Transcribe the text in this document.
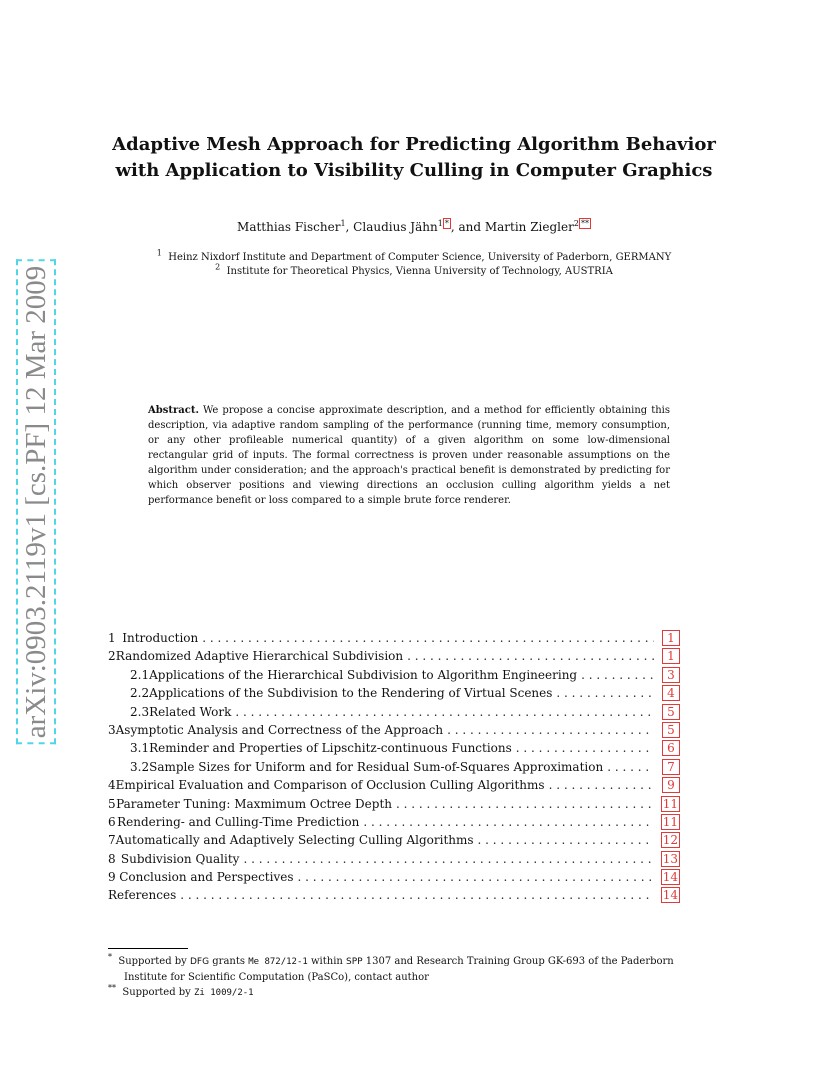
arXiv:0903.2119v1 [cs.PF] 12 Mar 2009
Adaptive Mesh Approach for Predicting Algorithm Behavior
with Application to Visibility Culling in Computer Graphics
Matthias Fischer$^1$, Claudius Jähn$^{1 *}$ , and Martin Ziegler$^{2 **}$
$^1$ Heinz Nixdorf Institute and Department of Computer Science, University of Paderborn, GERMANY
$^2$ Institute for Theoretical Physics, Vienna University of Technology, AUSTRIA
Abstract. We propose a concise approximate description, and a method for efficiently obtaining this description, via adaptive random sampling of the performance (running time, memory consumption, or any other profileable numerical quantity) of a given algorithm on some low-dimensional rectangular grid of inputs. The formal correctness is proven under reasonable assumptions on the algorithm under consideration; and the approach's practical benefit is demonstrated by predicting for which observer positions and viewing directions an occlusion culling algorithm yields a net performance benefit or loss compared to a simple brute force renderer.
1 Introduction . . .	1
2 Randomized Adaptive Hierarchical Subdivision . . .	1
2.1 Applications of the Hierarchical Subdivision to Algorithm Engineering . . .	3
2.2 Applications of the Subdivision to the Rendering of Virtual Scenes . . .	4
2.3 Related Work . . .	5
3 Asymptotic Analysis and Correctness of the Approach . . .	5
3.1 Reminder and Properties of Lipschitz-continuous Functions . . .	6
3.2 Sample Sizes for Uniform and for Residual Sum-of-Squares Approximation . . .	7
4 Empirical Evaluation and Comparison of Occlusion Culling Algorithms . . .	9
5 Parameter Tuning: Maxmimum Octree Depth . . .	11
6 Rendering- and Culling-Time Prediction . . .	11
7 Automatically and Adaptively Selecting Culling Algorithms . . .	12
8 Subdivision Quality . . .	13
9 Conclusion and Perspectives . . .	14
References . . .	14
* Supported by DFG grants Me 872/12-1 within SPP 1307 and Research Training Group GK-693 of the Paderborn Institute for Scientific Computation (PaSCo), contact author
** Supported by Zi 1009/2-1
